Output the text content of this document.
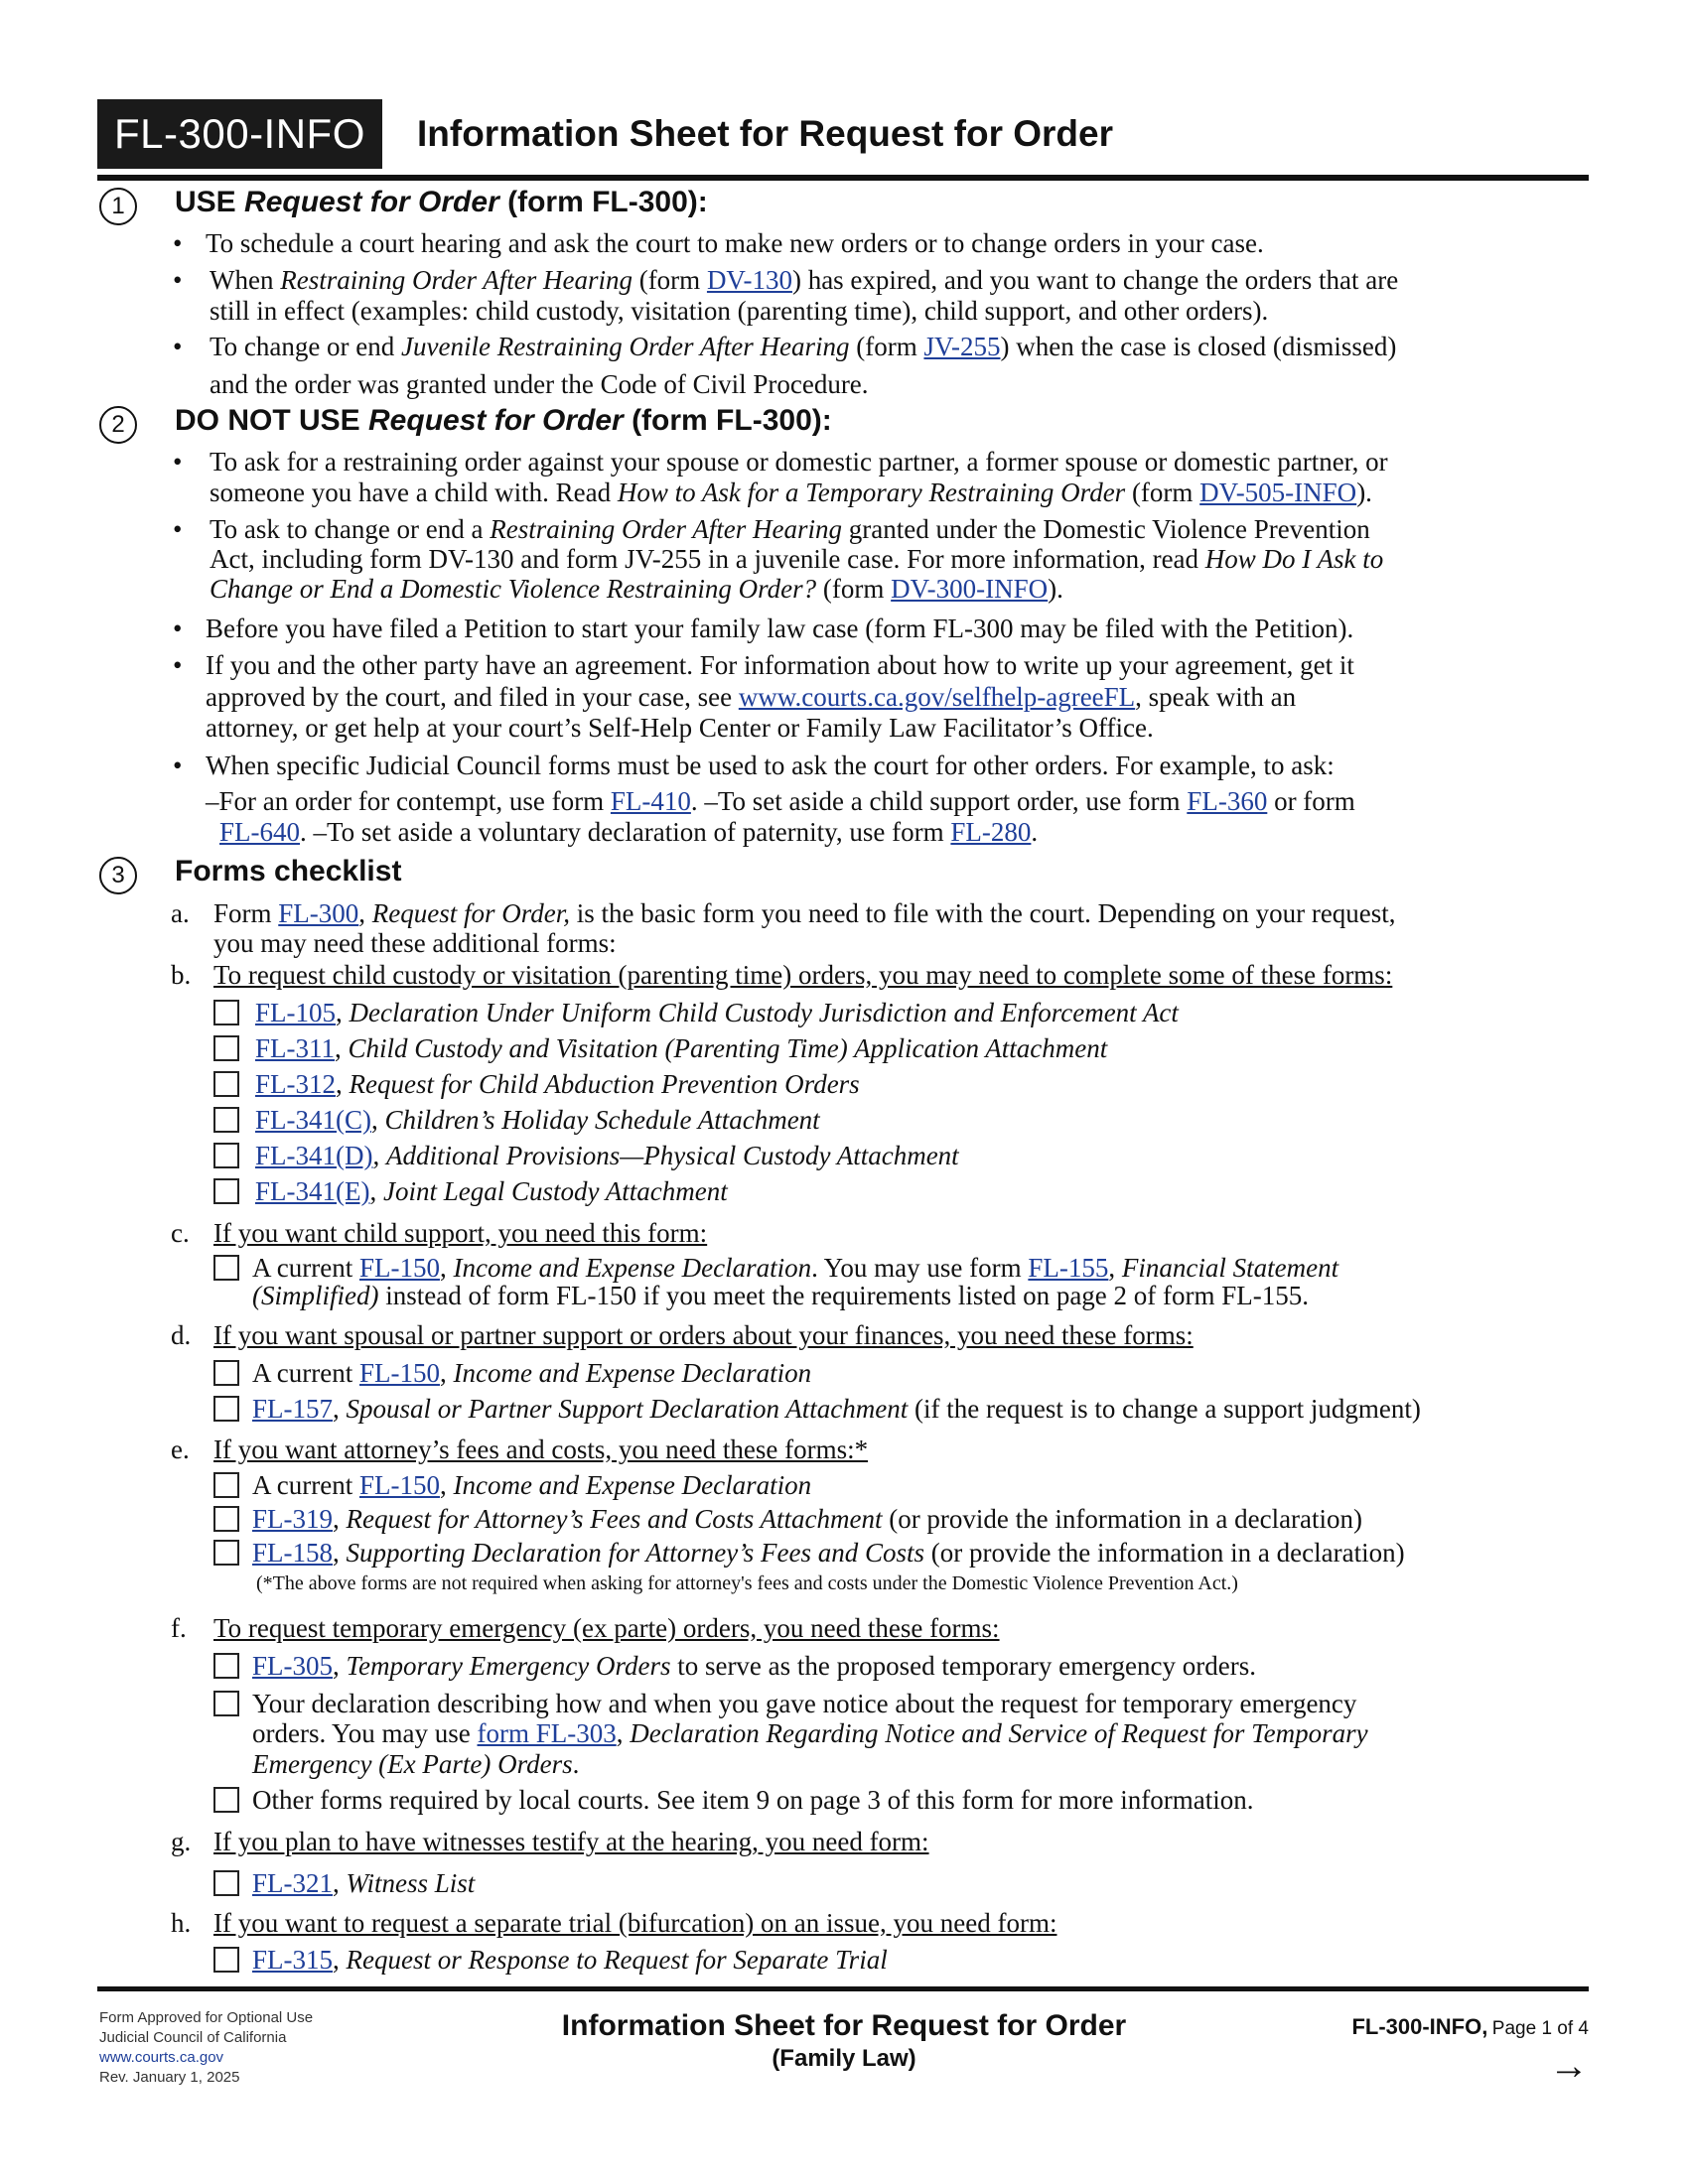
FL-300-INFO	Information Sheet for Request for Order
1	USE Request for Order (form FL-300):
• To schedule a court hearing and ask the court to make new orders or to change orders in your case.
• When Restraining Order After Hearing (form DV-130) has expired, and you want to change the orders that are
still in effect (examples: child custody, visitation (parenting time), child support, and other orders).
• To change or end Juvenile Restraining Order After Hearing (form JV-255) when the case is closed (dismissed)
and the order was granted under the Code of Civil Procedure.
2	DO NOT USE Request for Order (form FL-300):
• To ask for a restraining order against your spouse or domestic partner, a former spouse or domestic partner, or
someone you have a child with. Read How to Ask for a Temporary Restraining Order (form DV-505-INFO).
• To ask to change or end a Restraining Order After Hearing granted under the Domestic Violence Prevention
Act, including form DV-130 and form JV-255 in a juvenile case. For more information, read How Do I Ask to
Change or End a Domestic Violence Restraining Order? (form DV-300-INFO).
• Before you have filed a Petition to start your family law case (form FL-300 may be filed with the Petition).
• If you and the other party have an agreement. For information about how to write up your agreement, get it
approved by the court, and filed in your case, see www.courts.ca.gov/selfhelp-agreeFL, speak with an
attorney, or get help at your court’s Self-Help Center or Family Law Facilitator’s Office.
• When specific Judicial Council forms must be used to ask the court for other orders. For example, to ask:
–For an order for contempt, use form FL-410. –To set aside a child support order, use form FL-360 or form
FL-640. –To set aside a voluntary declaration of paternity, use form FL-280.
3	Forms checklist
a. Form FL-300, Request for Order, is the basic form you need to file with the court. Depending on your request,
you may need these additional forms:
b. To request child custody or visitation (parenting time) orders, you may need to complete some of these forms:
FL-105, Declaration Under Uniform Child Custody Jurisdiction and Enforcement Act
FL-311, Child Custody and Visitation (Parenting Time) Application Attachment
FL-312, Request for Child Abduction Prevention Orders
FL-341(C), Children’s Holiday Schedule Attachment
FL-341(D), Additional Provisions—Physical Custody Attachment
FL-341(E), Joint Legal Custody Attachment
c. If you want child support, you need this form:
A current FL-150, Income and Expense Declaration. You may use form FL-155, Financial Statement
(Simplified) instead of form FL-150 if you meet the requirements listed on page 2 of form FL-155.
d. If you want spousal or partner support or orders about your finances, you need these forms:
A current FL-150, Income and Expense Declaration
FL-157, Spousal or Partner Support Declaration Attachment (if the request is to change a support judgment)
e. If you want attorney’s fees and costs, you need these forms:*
A current FL-150, Income and Expense Declaration
FL-319, Request for Attorney’s Fees and Costs Attachment (or provide the information in a declaration)
FL-158, Supporting Declaration for Attorney’s Fees and Costs (or provide the information in a declaration)
(*The above forms are not required when asking for attorney's fees and costs under the Domestic Violence Prevention Act.)
f. To request temporary emergency (ex parte) orders, you need these forms:
FL-305, Temporary Emergency Orders to serve as the proposed temporary emergency orders.
Your declaration describing how and when you gave notice about the request for temporary emergency
orders. You may use form FL-303, Declaration Regarding Notice and Service of Request for Temporary
Emergency (Ex Parte) Orders.
Other forms required by local courts. See item 9 on page 3 of this form for more information.
g. If you plan to have witnesses testify at the hearing, you need form:
FL-321, Witness List
h. If you want to request a separate trial (bifurcation) on an issue, you need form:
FL-315, Request or Response to Request for Separate Trial
Form Approved for Optional Use
Judicial Council of California
www.courts.ca.gov
Rev. January 1, 2025
Information Sheet for Request for Order
(Family Law)
FL-300-INFO, Page 1 of 4
→
